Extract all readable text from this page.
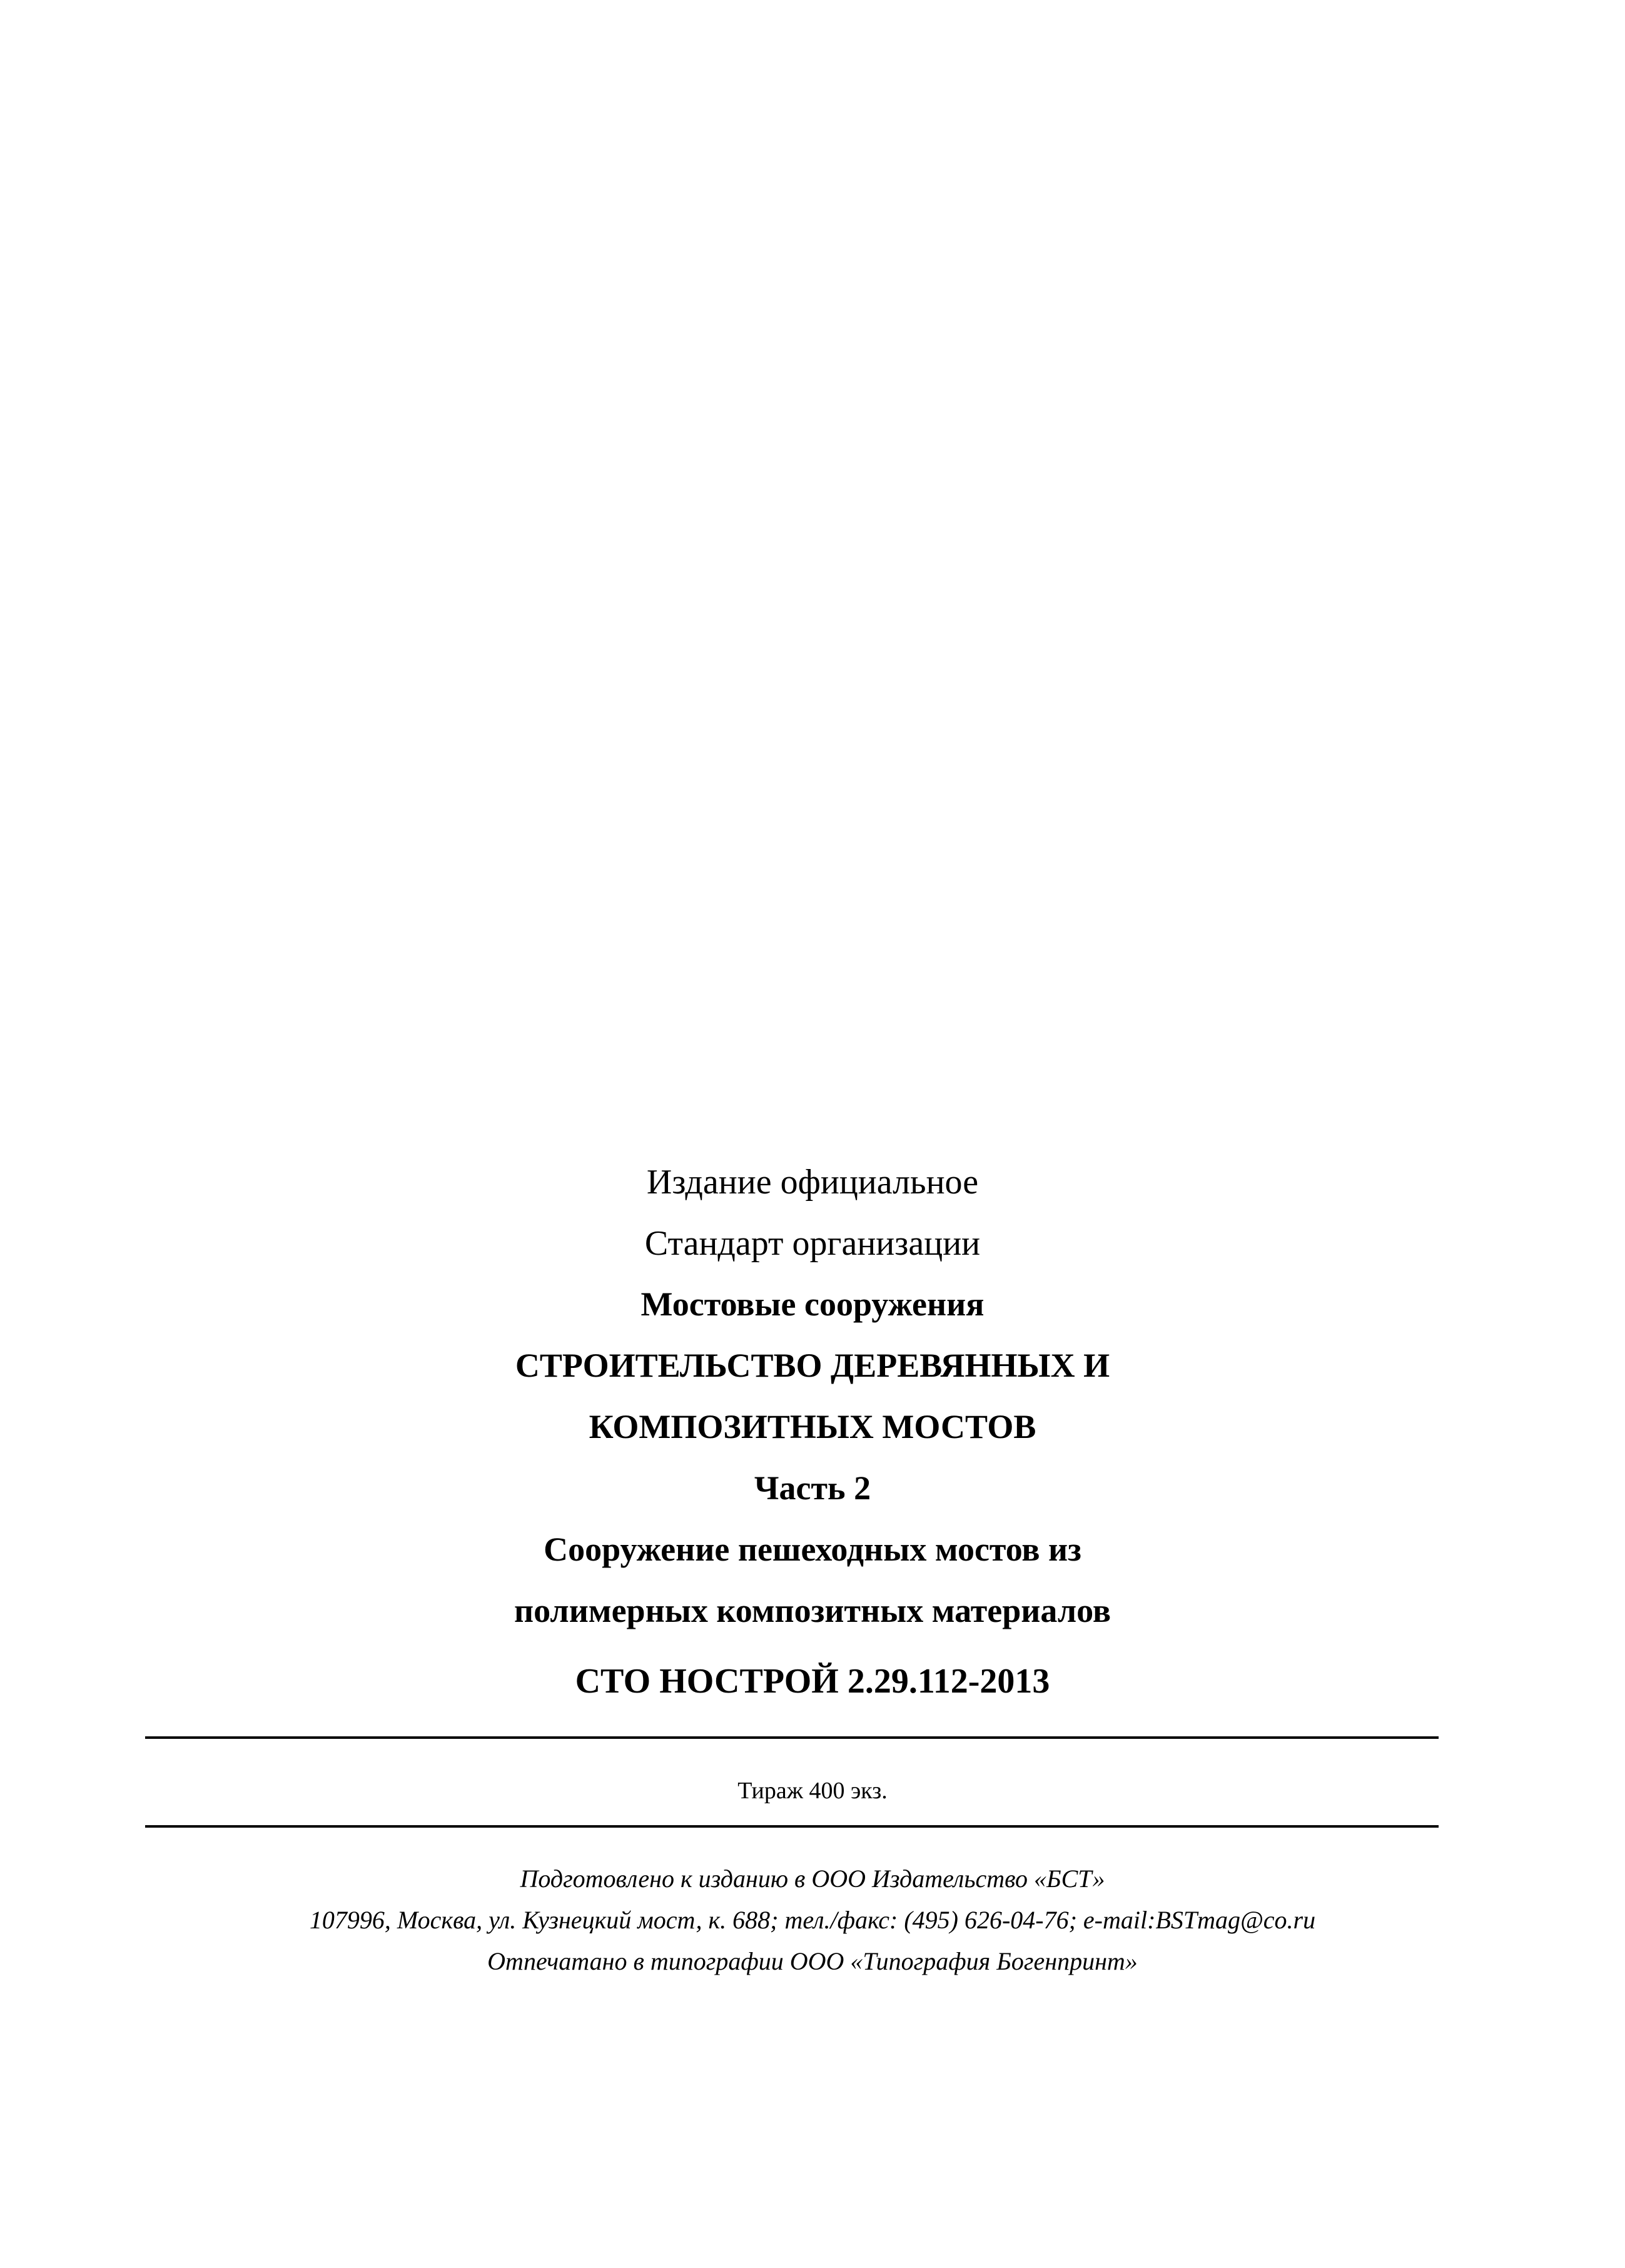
Издание официальное
Стандарт организации
Мостовые сооружения
СТРОИТЕЛЬСТВО ДЕРЕВЯННЫХ И
КОМПОЗИТНЫХ МОСТОВ
Часть 2
Сооружение пешеходных мостов из
полимерных композитных материалов
СТО НОСТРОЙ 2.29.112-2013
Тираж 400 экз.
Подготовлено к изданию в ООО Издательство «БСТ»
107996, Москва, ул. Кузнецкий мост, к. 688; тел./факс: (495) 626-04-76; e-mail:BSTmag@co.ru
Отпечатано в типографии ООО «Типография Богенпринт»
